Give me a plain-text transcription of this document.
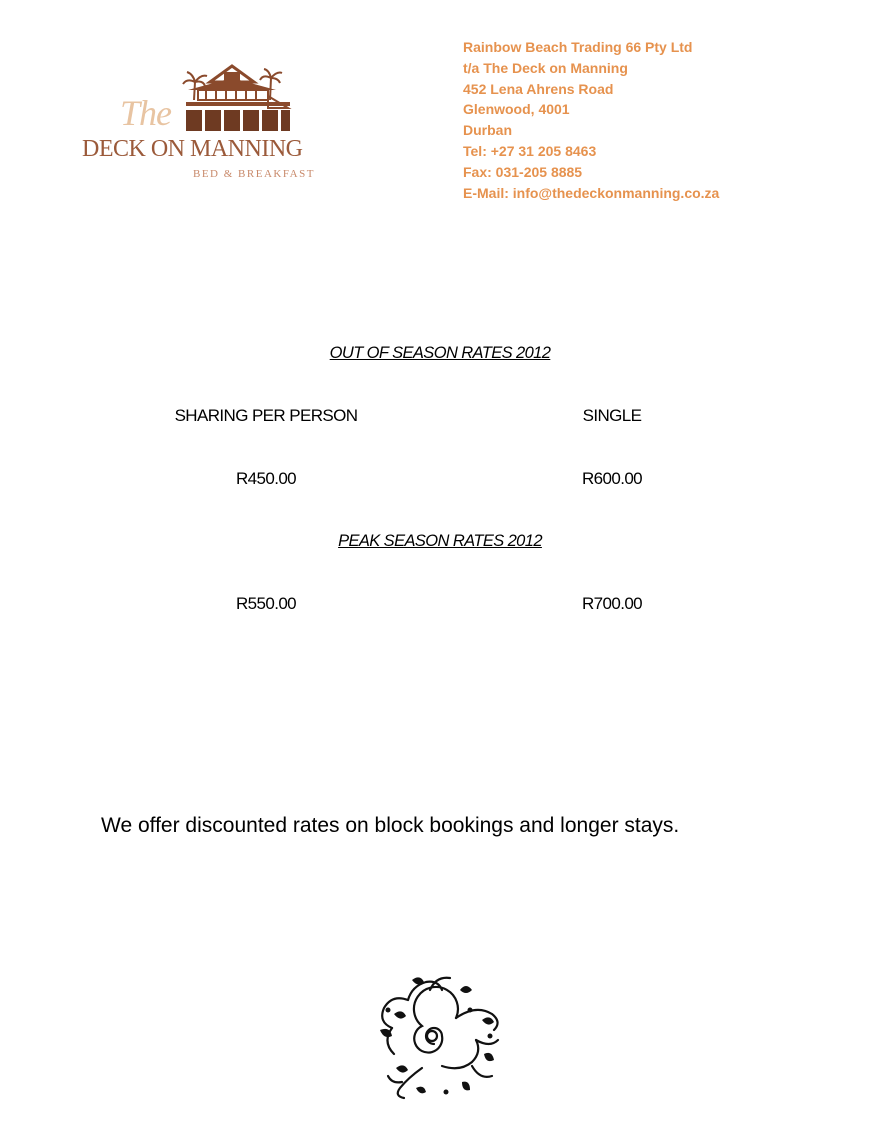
The
DECK ON MANNING
BED & BREAKFAST
Rainbow Beach Trading 66 Pty Ltd
t/a The Deck on Manning
452 Lena Ahrens Road
Glenwood, 4001
Durban
Tel: +27 31 205 8463
Fax: 031-205 8885
E-Mail: info@thedeckonmanning.co.za
OUT OF SEASON RATES 2012
SHARING PER PERSON	SINGLE
R450.00	R600.00
PEAK SEASON RATES 2012
R550.00	R700.00
We offer discounted rates on block bookings and longer stays.
